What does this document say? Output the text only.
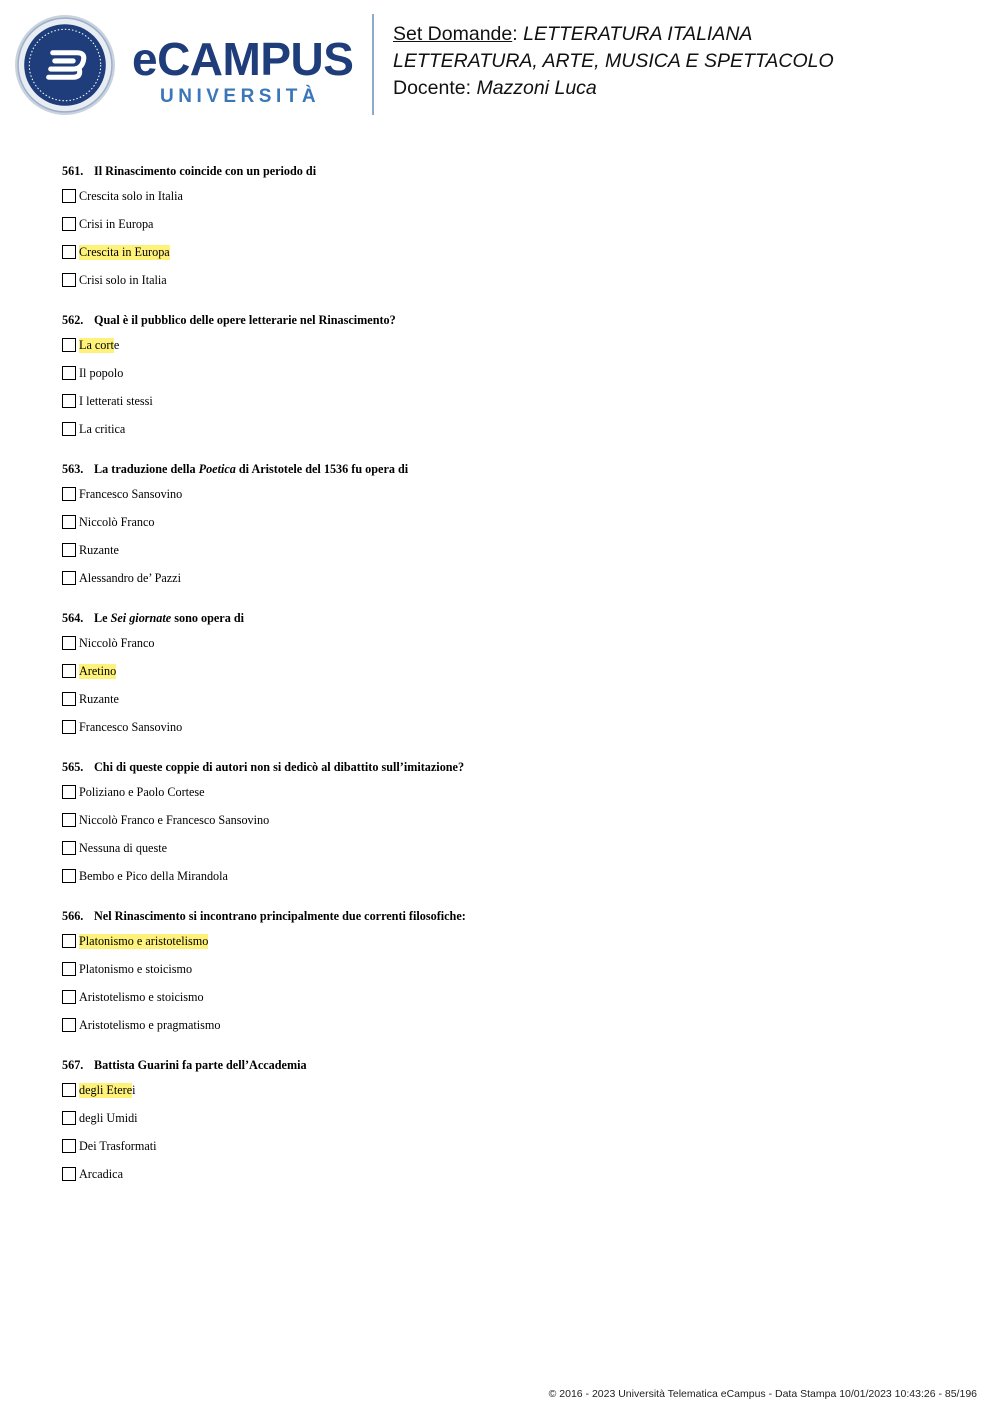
eCAMPUS
UNIVERSITÀ
Set Domande: LETTERATURA ITALIANA
LETTERATURA, ARTE, MUSICA E SPETTACOLO
Docente: Mazzoni Luca
561. Il Rinascimento coincide con un periodo di
Crescita solo in Italia
Crisi in Europa
Crescita in Europa
Crisi solo in Italia
562. Qual è il pubblico delle opere letterarie nel Rinascimento?
La cort e
Il popolo
I letterati stessi
La critica
563. La traduzione della Poetica di Aristotele del 1536 fu opera di
Francesco Sansovino
Niccolò Franco
Ruzante
Alessandro de’ Pazzi
564. Le Sei giornate sono opera di
Niccolò Franco
Aretino
Ruzante
Francesco Sansovino
565. Chi di queste coppie di autori non si dedicò al dibattito sull’imitazione?
Poliziano e Paolo Cortese
Niccolò Franco e Francesco Sansovino
Nessuna di queste
Bembo e Pico della Mirandola
566. Nel Rinascimento si incontrano principalmente due correnti filosofiche:
Platonismo e aristotelismo
Platonismo e stoicismo
Aristotelismo e stoicismo
Aristotelismo e pragmatismo
567. Battista Guarini fa parte dell’Accademia
degli Etere i
degli Umidi
Dei Trasformati
Arcadica
© 2016 - 2023 Università Telematica eCampus - Data Stampa 10/01/2023 10:43:26 - 85/196
